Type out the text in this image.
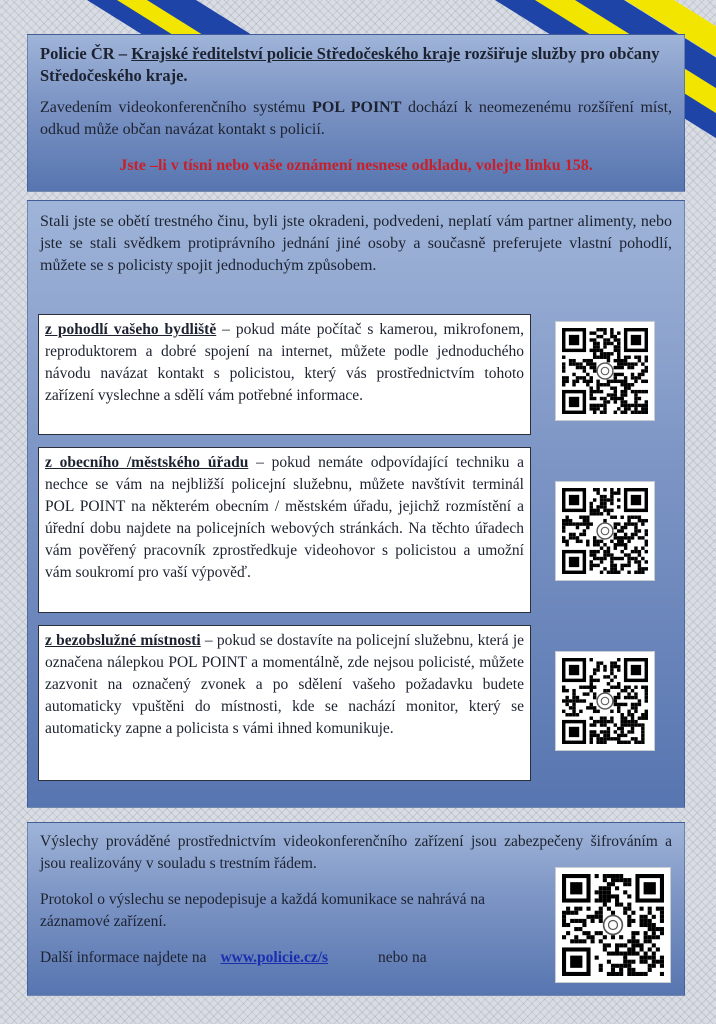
Policie ČR – Krajské ředitelství policie Středočeského kraje rozšiřuje služby pro občany Středočeského kraje.

Zavedením videokonferenčního systému POL POINT dochází k neomezenému rozšíření míst, odkud může občan navázat kontakt s policií.

Jste –li v tísni nebo vaše oznámení nesnese odkladu, volejte linku 158.

Stali jste se obětí trestného činu, byli jste okradeni, podvedeni, neplatí vám partner alimenty, nebo jste se stali svědkem protiprávního jednání jiné osoby a současně preferujete vlastní pohodlí, můžete se s policisty spojit jednoduchým způsobem.

z pohodlí vašeho bydliště – pokud máte počítač s kamerou, mikrofonem, reproduktorem a dobré spojení na internet, můžete podle jednoduchého návodu navázat kontakt s policistou, který vás prostřednictvím tohoto zařízení vyslechne a sdělí vám potřebné informace.
z obecního /městského úřadu – pokud nemáte odpovídající techniku a nechce se vám na nejbližší policejní služebnu, můžete navštívit terminál POL POINT na některém obecním / městském úřadu, jejichž rozmístění a úřední dobu najdete na policejních webových stránkách. Na těchto úřadech vám pověřený pracovník zprostředkuje videohovor s policistou a umožní vám soukromí pro vaší výpověď.
z bezobslužné místnosti – pokud se dostavíte na policejní služebnu, která je označena nálepkou POL POINT a momentálně, zde nejsou policisté, můžete zazvonit na označený zvonek a po sdělení vašeho požadavku budete automaticky vpuštěni do místnosti, kde se nachází monitor, který se automaticky zapne a policista s vámi ihned komunikuje.

Výslechy prováděné prostřednictvím videokonferenčního zařízení jsou zabezpečeny šifrováním a jsou realizovány v souladu s trestním řádem.

Protokol o výslechu se nepodepisuje a každá komunikace se nahrává na záznamové zařízení.

Další informace najdete na www.policie.cz/s	nebo na
